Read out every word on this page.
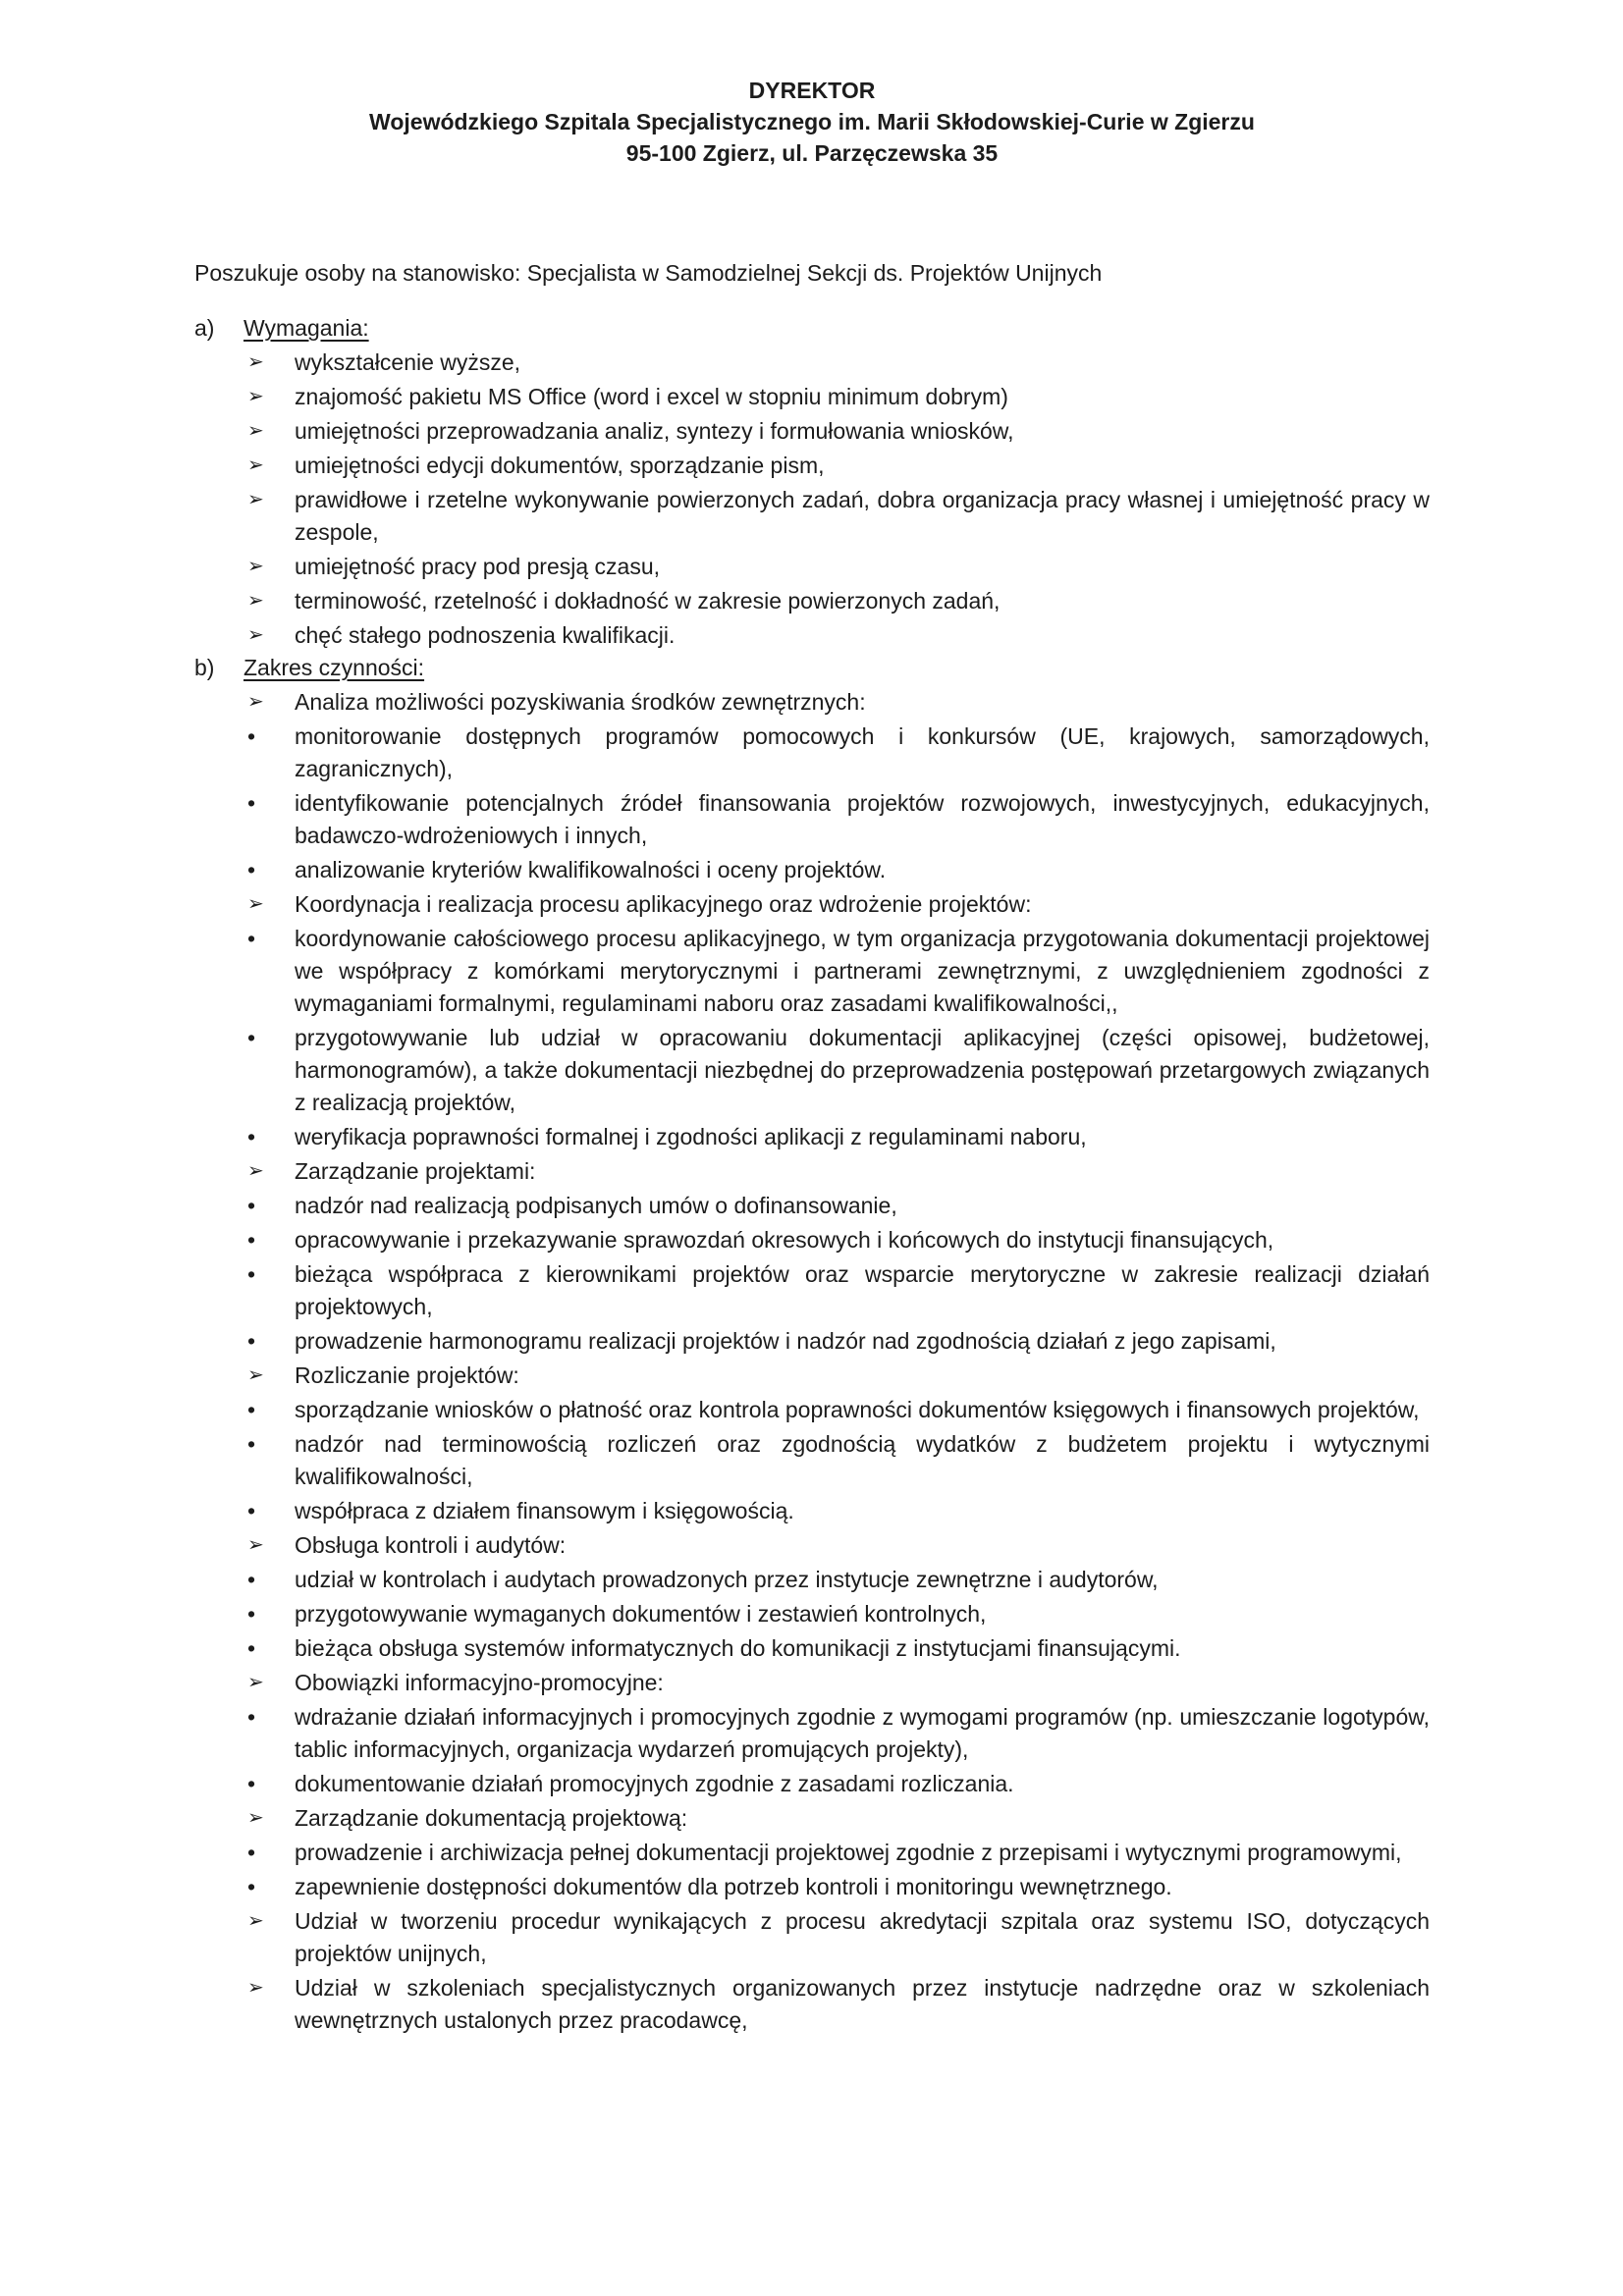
DYREKTOR

Wojewódzkiego Szpitala Specjalistycznego im. Marii Skłodowskiej-Curie w Zgierzu

95-100 Zgierz, ul. Parzęczewska 35

Poszukuje osoby na stanowisko: Specjalista w Samodzielnej Sekcji ds. Projektów Unijnych

a)	Wymagania:
➢	wykształcenie wyższe,
➢	znajomość pakietu MS Office (word i excel w stopniu minimum dobrym)
➢	umiejętności przeprowadzania analiz, syntezy i formułowania wniosków,
➢	umiejętności edycji dokumentów, sporządzanie pism,
➢	prawidłowe i rzetelne wykonywanie powierzonych zadań, dobra organizacja pracy własnej i umiejętność pracy w zespole,
➢	umiejętność pracy pod presją czasu,
➢	terminowość, rzetelność i dokładność w zakresie powierzonych zadań,
➢	chęć stałego podnoszenia kwalifikacji.
b)	Zakres czynności:
➢	Analiza możliwości pozyskiwania środków zewnętrznych:
•	monitorowanie dostępnych programów pomocowych i konkursów (UE, krajowych, samorządowych, zagranicznych),
•	identyfikowanie potencjalnych źródeł finansowania projektów rozwojowych, inwestycyjnych, edukacyjnych, badawczo-wdrożeniowych i innych,
•	analizowanie kryteriów kwalifikowalności i oceny projektów.
➢	Koordynacja i realizacja procesu aplikacyjnego oraz wdrożenie projektów:
•	koordynowanie całościowego procesu aplikacyjnego, w tym organizacja przygotowania dokumentacji projektowej we współpracy z komórkami merytorycznymi i partnerami zewnętrznymi, z uwzględnieniem zgodności z wymaganiami formalnymi, regulaminami naboru oraz zasadami kwalifikowalności,,
•	przygotowywanie lub udział w opracowaniu dokumentacji aplikacyjnej (części opisowej, budżetowej, harmonogramów), a także dokumentacji niezbędnej do przeprowadzenia postępowań przetargowych związanych z realizacją projektów,
•	weryfikacja poprawności formalnej i zgodności aplikacji z regulaminami naboru,
➢	Zarządzanie projektami:
•	nadzór nad realizacją podpisanych umów o dofinansowanie,
•	opracowywanie i przekazywanie sprawozdań okresowych i końcowych do instytucji finansujących,
•	bieżąca współpraca z kierownikami projektów oraz wsparcie merytoryczne w zakresie realizacji działań projektowych,
•	prowadzenie harmonogramu realizacji projektów i nadzór nad zgodnością działań z jego zapisami,
➢	Rozliczanie projektów:
•	sporządzanie wniosków o płatność oraz kontrola poprawności dokumentów księgowych i finansowych projektów,
•	nadzór nad terminowością rozliczeń oraz zgodnością wydatków z budżetem projektu i wytycznymi kwalifikowalności,
•	współpraca z działem finansowym i księgowością.
➢	Obsługa kontroli i audytów:
•	udział w kontrolach i audytach prowadzonych przez instytucje zewnętrzne i audytorów,
•	przygotowywanie wymaganych dokumentów i zestawień kontrolnych,
•	bieżąca obsługa systemów informatycznych do komunikacji z instytucjami finansującymi.
➢	Obowiązki informacyjno-promocyjne:
•	wdrażanie działań informacyjnych i promocyjnych zgodnie z wymogami programów (np. umieszczanie logotypów, tablic informacyjnych, organizacja wydarzeń promujących projekty),
•	dokumentowanie działań promocyjnych zgodnie z zasadami rozliczania.
➢	Zarządzanie dokumentacją projektową:
•	prowadzenie i archiwizacja pełnej dokumentacji projektowej zgodnie z przepisami i wytycznymi programowymi,
•	zapewnienie dostępności dokumentów dla potrzeb kontroli i monitoringu wewnętrznego.
➢	Udział w tworzeniu procedur wynikających z procesu akredytacji szpitala oraz systemu ISO, dotyczących projektów unijnych,
➢	Udział w szkoleniach specjalistycznych organizowanych przez instytucje nadrzędne oraz w szkoleniach wewnętrznych ustalonych przez pracodawcę,
